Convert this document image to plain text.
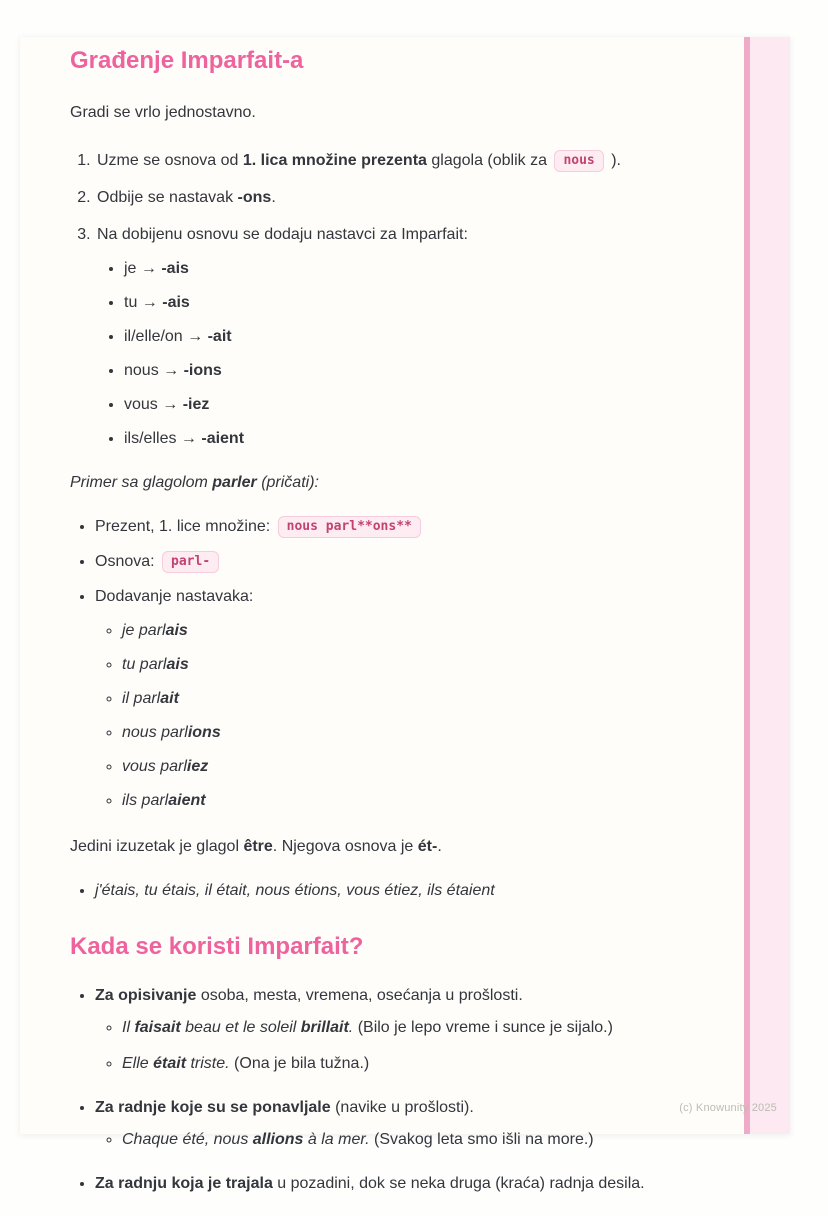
Građenje Imparfait-a

Gradi se vrlo jednostavno.

1. Uzme se osnova od 1. lica množine prezenta glagola (oblik za nous ).
2. Odbije se nastavak -ons.
3. Na dobijenu osnovu se dodaju nastavci za Imparfait:
• je → -ais
• tu → -ais
• il/elle/on → -ait
• nous → -ions
• vous → -iez
• ils/elles → -aient

Primer sa glagolom parler (pričati):

• Prezent, 1. lice množine: nous parl**ons**
• Osnova: parl-
• Dodavanje nastavaka:
◦ je parlais
◦ tu parlais
◦ il parlait
◦ nous parlions
◦ vous parliez
◦ ils parlaient

Jedini izuzetak je glagol être. Njegova osnova je ét-.

• j'étais, tu étais, il était, nous étions, vous étiez, ils étaient
Kada se koristi Imparfait?
• Za opisivanje osoba, mesta, vremena, osećanja u prošlosti.
◦ Il faisait beau et le soleil brillait. (Bilo je lepo vreme i sunce je sijalo.)
◦ Elle était triste. (Ona je bila tužna.)
• Za radnje koje su se ponavljale (navike u prošlosti).
◦ Chaque été, nous allions à la mer. (Svakog leta smo išli na more.)
• Za radnju koja je trajala u pozadini, dok se neka druga (kraća) radnja desila.
(c) Knowunity 2025
